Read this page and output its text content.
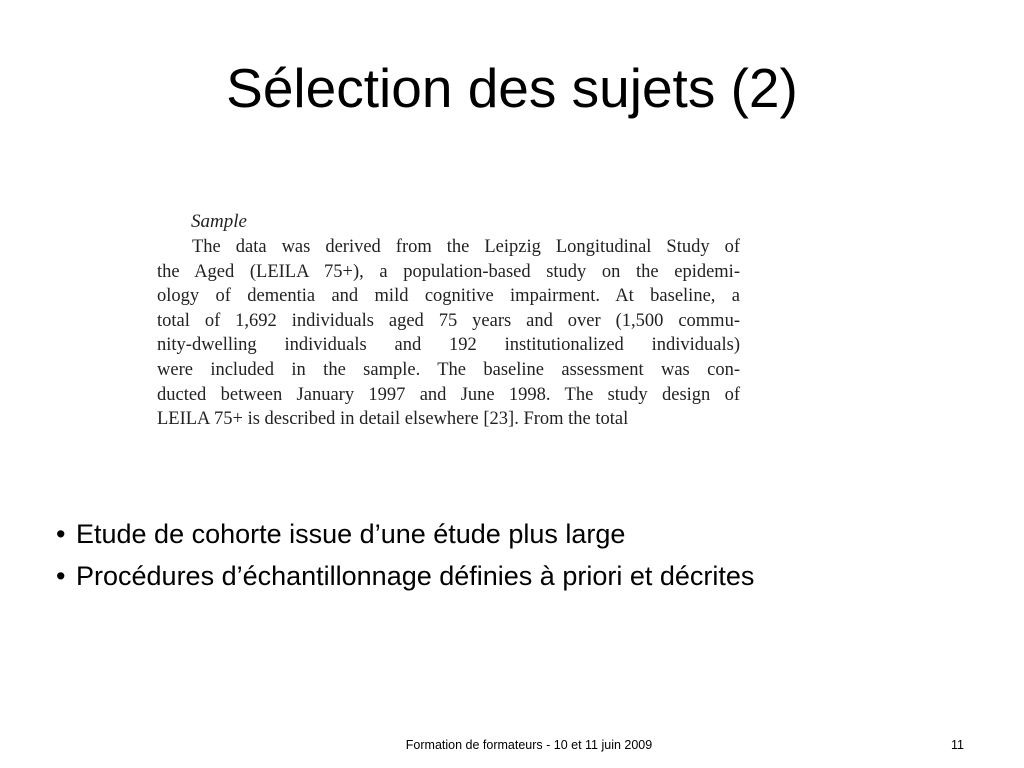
Sélection des sujets (2)
Sample
The data was derived from the Leipzig Longitudinal Study of
the Aged (LEILA 75+), a population-based study on the epidemi-
ology of dementia and mild cognitive impairment. At baseline, a
total of 1,692 individuals aged 75 years and over (1,500 commu-
nity-dwelling individuals and 192 institutionalized individuals)
were included in the sample. The baseline assessment was con-
ducted between January 1997 and June 1998. The study design of
LEILA 75+ is described in detail elsewhere [23]. From the total
• Etude de cohorte issue d’une étude plus large
• Procédures d’échantillonnage définies à priori et décrites
Formation de formateurs - 10 et 11 juin 2009	11
